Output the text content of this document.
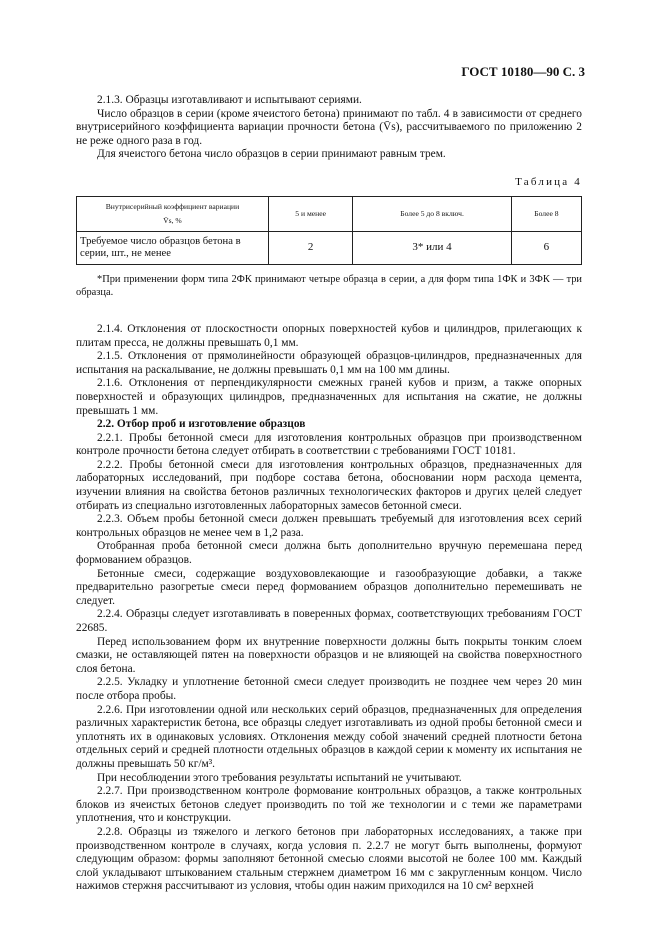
ГОСТ 10180—90 С. 3

2.1.3. Образцы изготавливают и испытывают сериями.

Число образцов в серии (кроме ячеистого бетона) принимают по табл. 4 в зависимости от среднего внутрисерийного коэффициента вариации прочности бетона (V̄s), рассчитываемого по приложению 2 не реже одного раза в год.

Для ячеистого бетона число образцов в серии принимают равным трем.

Таблица 4
Внутрисерийный коэффициент вариации
V̄s, %	5 и менее	Более 5 до 8 включ.	Более 8
Требуемое число образцов бетона в серии, шт., не менее	2	3* или 4	6

*При применении форм типа 2ФК принимают четыре образца в серии, а для форм типа 1ФК и 3ФК — три образца.

2.1.4. Отклонения от плоскостности опорных поверхностей кубов и цилиндров, прилегающих к плитам пресса, не должны превышать 0,1 мм.

2.1.5. Отклонения от прямолинейности образующей образцов-цилиндров, предназначенных для испытания на раскалывание, не должны превышать 0,1 мм на 100 мм длины.

2.1.6. Отклонения от перпендикулярности смежных граней кубов и призм, а также опорных поверхностей и образующих цилиндров, предназначенных для испытания на сжатие, не должны превышать 1 мм.

2.2. Отбор проб и изготовление образцов

2.2.1. Пробы бетонной смеси для изготовления контрольных образцов при производственном контроле прочности бетона следует отбирать в соответствии с требованиями ГОСТ 10181.

2.2.2. Пробы бетонной смеси для изготовления контрольных образцов, предназначенных для лабораторных исследований, при подборе состава бетона, обосновании норм расхода цемента, изучении влияния на свойства бетонов различных технологических факторов и других целей следует отбирать из специально изготовленных лабораторных замесов бетонной смеси.

2.2.3. Объем пробы бетонной смеси должен превышать требуемый для изготовления всех серий контрольных образцов не менее чем в 1,2 раза.

Отобранная проба бетонной смеси должна быть дополнительно вручную перемешана перед формованием образцов.

Бетонные смеси, содержащие воздухововлекающие и газообразующие добавки, а также предварительно разогретые смеси перед формованием образцов дополнительно перемешивать не следует.

2.2.4. Образцы следует изготавливать в поверенных формах, соответствующих требованиям ГОСТ 22685.

Перед использованием форм их внутренние поверхности должны быть покрыты тонким слоем смазки, не оставляющей пятен на поверхности образцов и не влияющей на свойства поверхностного слоя бетона.

2.2.5. Укладку и уплотнение бетонной смеси следует производить не позднее чем через 20 мин после отбора пробы.

2.2.6. При изготовлении одной или нескольких серий образцов, предназначенных для определения различных характеристик бетона, все образцы следует изготавливать из одной пробы бетонной смеси и уплотнять их в одинаковых условиях. Отклонения между собой значений средней плотности бетона отдельных серий и средней плотности отдельных образцов в каждой серии к моменту их испытания не должны превышать 50 кг/м³.

При несоблюдении этого требования результаты испытаний не учитывают.

2.2.7. При производственном контроле формование контрольных образцов, а также контрольных блоков из ячеистых бетонов следует производить по той же технологии и с теми же параметрами уплотнения, что и конструкции.

2.2.8. Образцы из тяжелого и легкого бетонов при лабораторных исследованиях, а также при производственном контроле в случаях, когда условия п. 2.2.7 не могут быть выполнены, формуют следующим образом: формы заполняют бетонной смесью слоями высотой не более 100 мм. Каждый слой укладывают штыкованием стальным стержнем диаметром 16 мм с закругленным концом. Число нажимов стержня рассчитывают из условия, чтобы один нажим приходился на 10 см² верхней
